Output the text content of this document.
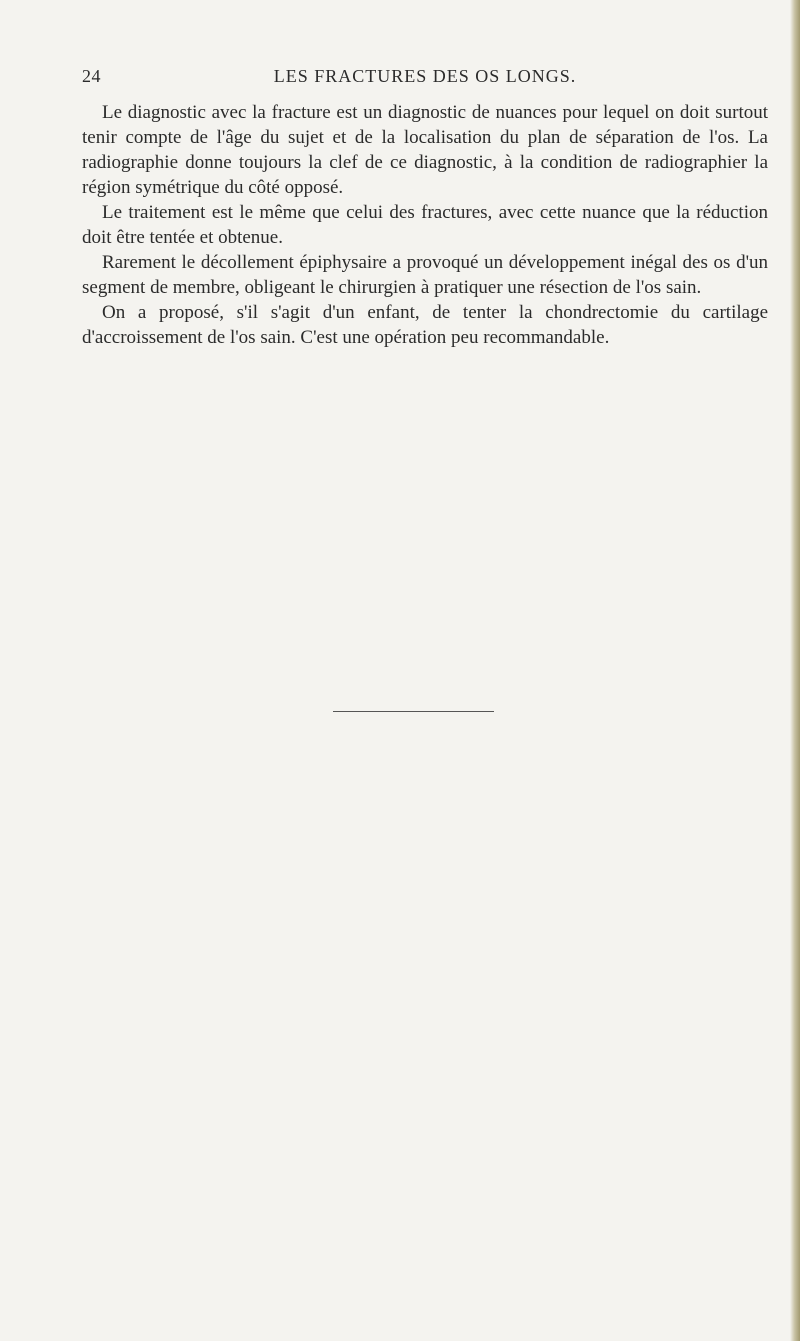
24	LES FRACTURES DES OS LONGS.

Le diagnostic avec la fracture est un diagnostic de nuances pour lequel on doit surtout tenir compte de l'âge du sujet et de la localisation du plan de séparation de l'os. La radiographie donne toujours la clef de ce diagnostic, à la condition de radiographier la région symétrique du côté opposé.

Le traitement est le même que celui des fractures, avec cette nuance que la réduction doit être tentée et obtenue.

Rarement le décollement épiphysaire a provoqué un développement inégal des os d'un segment de membre, obligeant le chirurgien à pratiquer une résection de l'os sain.

On a proposé, s'il s'agit d'un enfant, de tenter la chondrectomie du cartilage d'accroissement de l'os sain. C'est une opération peu recommandable.
